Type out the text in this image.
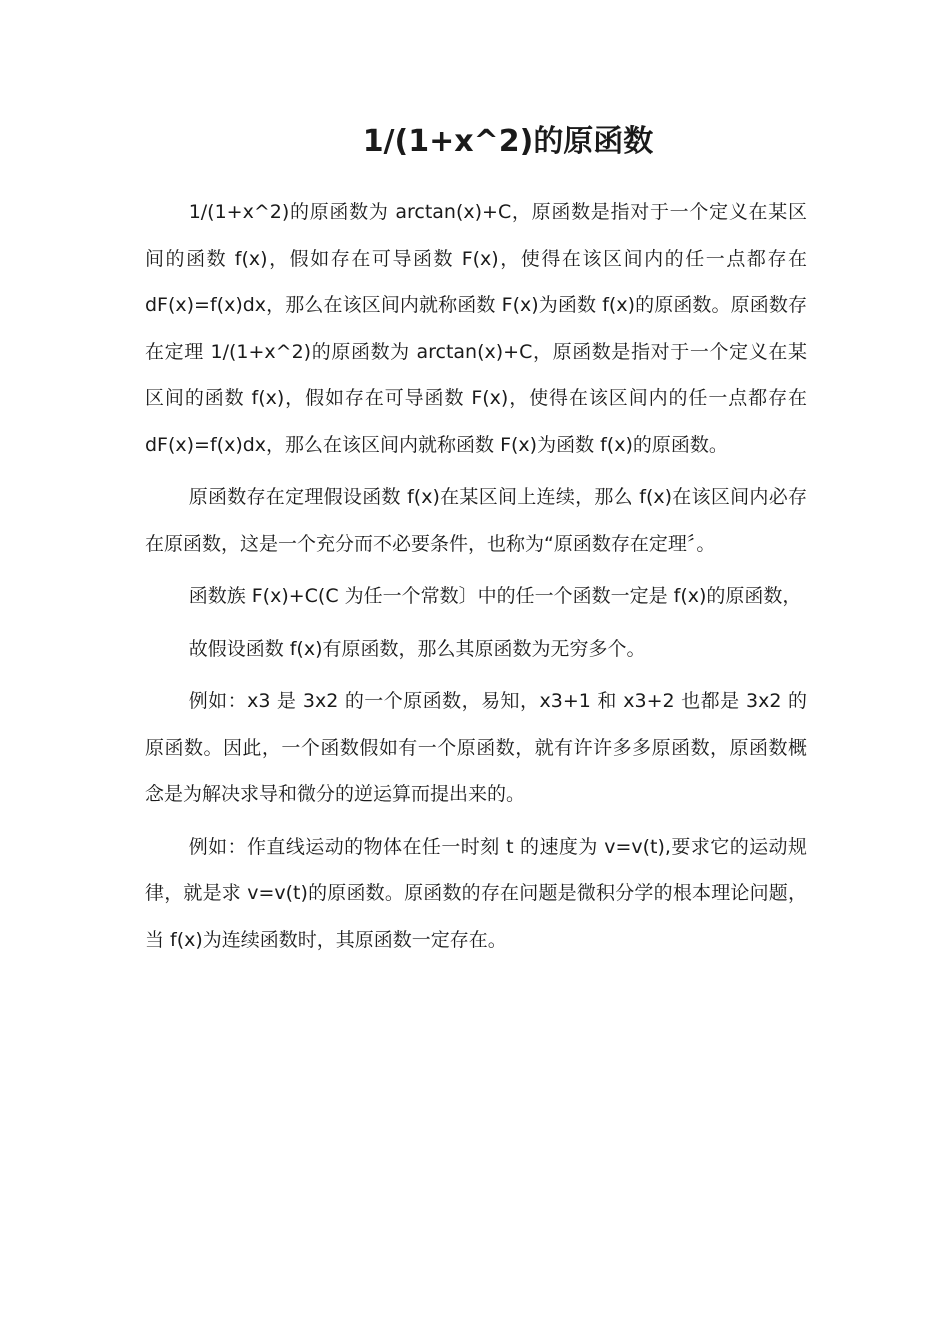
1/(1+x^2)的原函数

1/(1+x^2)的原函数为 arctan(x)+C，原函数是指对于一个定义在某区间的函数 f(x)，假如存在可导函数 F(x)，使得在该区间内的任一点都存在 dF(x)=f(x)dx，那么在该区间内就称函数 F(x)为函数 f(x)的原函数。原函数存在定理 1/(1+x^2)的原函数为 arctan(x)+C，原函数是指对于一个定义在某区间的函数 f(x)，假如存在可导函数 F(x)，使得在该区间内的任一点都存在 dF(x)=f(x)dx，那么在该区间内就称函数 F(x)为函数 f(x)的原函数。

原函数存在定理假设函数 f(x)在某区间上连续，那么 f(x)在该区间内必存在原函数，这是一个充分而不必要条件，也称为“原函数存在定理〞。

函数族 F(x)+C(C 为任一个常数〕中的任一个函数一定是 f(x)的原函数，

故假设函数 f(x)有原函数，那么其原函数为无穷多个。

例如：x3 是 3x2 的一个原函数，易知，x3+1 和 x3+2 也都是 3x2 的原函数。因此，一个函数假如有一个原函数，就有许许多多原函数，原函数概念是为解决求导和微分的逆运算而提出来的。

例如：作直线运动的物体在任一时刻 t 的速度为 v=v(t),要求它的运动规律，就是求 v=v(t)的原函数。原函数的存在问题是微积分学的根本理论问题，当 f(x)为连续函数时，其原函数一定存在。
